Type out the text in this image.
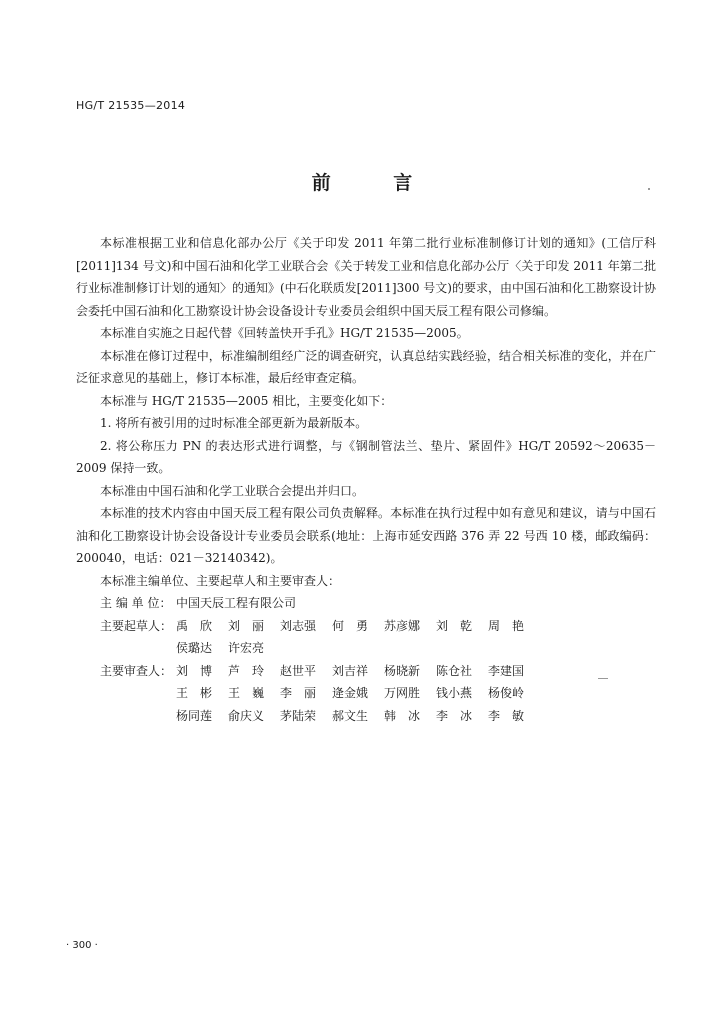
HG/T 21535—2014
前 言

本标准根据工业和信息化部办公厅《关于印发 2011 年第二批行业标准制修订计划的通知》(工信厅科[2011]134 号文)和中国石油和化学工业联合会《关于转发工业和信息化部办公厅〈关于印发 2011 年第二批行业标准制修订计划的通知〉的通知》(中石化联质发[2011]300 号文)的要求，由中国石油和化工勘察设计协会委托中国石油和化工勘察设计协会设备设计专业委员会组织中国天辰工程有限公司修编。

本标准自实施之日起代替《回转盖快开手孔》HG/T 21535—2005。

本标准在修订过程中，标准编制组经广泛的调查研究，认真总结实践经验，结合相关标准的变化，并在广泛征求意见的基础上，修订本标准，最后经审查定稿。

本标准与 HG/T 21535—2005 相比，主要变化如下：

1. 将所有被引用的过时标准全部更新为最新版本。

2. 将公称压力 PN 的表达形式进行调整，与《钢制管法兰、垫片、紧固件》HG/T 20592～20635－2009 保持一致。

本标准由中国石油和化学工业联合会提出并归口。

本标准的技术内容由中国天辰工程有限公司负责解释。本标准在执行过程中如有意见和建议，请与中国石油和化工勘察设计协会设备设计专业委员会联系(地址：上海市延安西路 376 弄 22 号西 10 楼，邮政编码：200040，电话：021－32140342)。

本标准主编单位、主要起草人和主要审查人：

主 编 单 位： 中国天辰工程有限公司
主要起草人： 禹　欣	刘　丽	刘志强	何　勇	苏彦娜	刘　乾	周　艳
侯璐达	许宏亮
主要审查人： 刘　博	芦　玲	赵世平	刘吉祥	杨晓新	陈仓社	李建国
王　彬	王　巍	李　丽	逄金娥	万网胜	钱小燕	杨俊岭
杨同莲	俞庆义	茅陆荣	郝文生	韩　冰	李　冰	李　敏
· 300 ·
